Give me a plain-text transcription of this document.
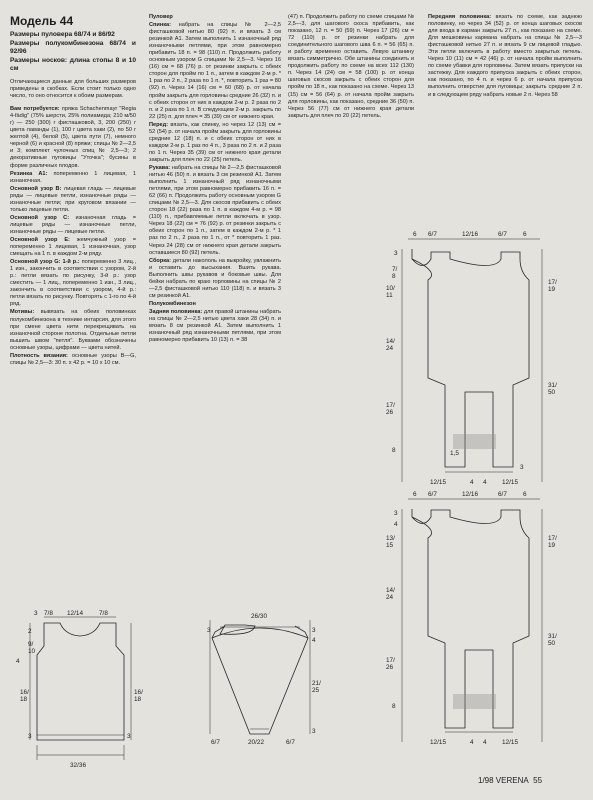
Модель 44

Размеры пуловера 68/74 и 86/92

Размеры полукомбинезона 68/74 и 92/96

Размеры носков: длина стопы 8 и 10 см

Отличающиеся данные для больших размеров приведены в скобках. Если стоит только одно число, то оно относится к обоим размерам.

Вам потребуется: пряжа Schachenmayr "Regia 4-fädig" (75% шерсти, 25% полиамида; 210 м/50 г) — 250 (300) г фисташковой, 3, 200 (250) г цвета лаванды (1), 100 г цвета хаки (2), по 50 г желтой (4), белой (5), цвета пути (7), немного черной (6) и красной (8) пряжи; спицы № 2—2,5 и 3; комплект чулочных спиц № 2,5—3; 2 декоративные пуговицы "Уточка"; бусины в форме различных плодов.

Резинка А1: попеременно 1 лицевая, 1 изнаночная.

Основной узор В: лицевая гладь — лицевые ряды — лицевые петли, изнаночные ряды — изнаночные петли; при круговом вязании — только лицевые петли.

Основной узор С: изнаночная гладь = лицевые ряды — изнаночные петли, изнаночные ряды — лицевые петли.

Основной узор Е: жемчужный узор = попеременно 1 лицевая, 1 изнаночная, узор смещать на 1 п. в каждом 2-м ряду.

Основной узор G: 1-й р.: попеременно 3 лиц., 1 изн., закончить в соответствии с узором, 2-й р.: петли вязать по рисунку, 3-й р.: узор сместить — 1 лиц., попеременно 1 изн., 3 лиц., закончить в соответствии с узором, 4-й р.: петли вязать по рисунку. Повторять с 1-го по 4-й ряд.

Мотивы: вывязать на обеих половинках полукомбинезона в технике интарсия, для этого при смене цвета нити перекрещивать на изнаночной стороне полотна. Отдельные петли вышить швом "петля". Буквами обозначены основные узоры, цифрами — цвета нитей.

Плотность вязания: основные узоры В—G, спицы № 2,5—3: 30 п. х 42 р. = 10 х 10 см.

Пуловер

Спинка: набрать на спицы № 2—2,5 фисташковой нитью 80 (92) п. и вязать 3 см резинкой А1. Затем выполнить 1 изнаночный ряд изнаночными петлями, при этом равномерно прибавить 18 п. = 98 (110) п. Продолжить работу основным узором G спицами № 2,5—3. Через 16 (16) см = 68 (76) р. от резинки закрыть с обеих сторон для пройм по 1 п., затем в каждом 2-м р. * 1 раз по 2 п., 2 раза по 1 п. *, повторить 1 раз = 80 (92) п. Через 14 (16) см = 60 (68) р. от начала пройм закрыть для горловины средние 26 (32) п. и с обеих сторон от них в каждом 2-м р. 2 раза по 2 п. и 2 раза по 1 п. В следующем 2-м р. закрыть по 22 (25) п. для плеч = 35 (39) см от нижнего края.

Перед: вязать, как спинку, но через 12 (13) см = 52 (54) р. от начала пройм закрыть для горловины средние 12 (18) п. и с обеих сторон от них в каждом 2-м р. 1 раз по 4 п., 3 раза по 2 п. и 2 раза по 1 п. Через 35 (39) см от нижнего края детали закрыть для плеч по 22 (25) петель.

Рукава: набрать на спицы № 2—2,5 фисташковой нитью 46 (50) п. и вязать 3 см резинкой А1. Затем выполнить 1 изнаночный ряд изнаночными петлями, при этом равномерно прибавить 16 п. = 62 (66) п. Продолжить работу основным узором G спицами № 2,5—3. Для скосов прибавить с обеих сторон 18 (22) раза по 1 п. в каждом 4-м р. = 98 (110) п., прибавляемые петли включать в узор. Через 18 (22) см = 76 (92) р. от резинки закрыть с обеих сторон по 1 п., затем в каждом 2-м р. * 1 раз по 2 п., 2 раза по 1 п., от * повторить 1 раз. Через 24 (28) см от нижнего края детали закрыть оставшиеся 80 (92) петель.

Сборка: детали накололь на выкройку, увлажнить и оставить до высыхания. Вшить рукава. Выполнить швы рукавов и боковые швы. Для бейки набрать по краю горловины на спицы № 2—2,5 фисташковой нитью 110 (118) п. и вязать 3 см резинкой А1.

Полукомбинезон

Задняя половинка: для правой штанины набрать на спицы № 2—2,5 нитью цвета хаки 28 (34) п. и вязать 8 см резинкой А1. Затем выполнить 1 изнаночный ряд изнаночными петлями, при этом равномерно прибавить 10 (13) п. = 38

(47) п. Продолжить работу по схеме спицами № 2,5—3, для шагового скоса прибавить, как показано, 12 п. = 50 (59) п. Через 17 (26) см = 72 (110) р. от резинки набрать для соединительного шагового шва 6 п. = 56 (65) п. и работу временно оставить. Левую штанину вязать симметрично. Обе штанины соединить и продолжить работу по схеме на всех 112 (130) п. Через 14 (24) см = 58 (100) р. от конца шаговых скосов закрыть с обеих сторон для пройм по 18 п., как показано на схеме. Через 13 (15) см = 56 (64) р. от начала пройм закрыть для горловины, как показано, средние 36 (50) п. Через 56 (77) см от нижнего края детали закрыть для плеч по 20 (22) петель.

Передняя половинка: вязать по схеме, как заднюю половинку, но через 34 (52) р. от конца шаговых скосов для входа в карман закрыть 27 п., как показано на схеме. Для мешковины кармана набрать на спицы № 2,5—3 фисташковой нитью 27 п. и вязать 9 см лицевой гладью. Эти петли включить в работу вместо закрытых петель. Через 10 (11) см = 42 (46) р. от начала пройм выполнить по схеме убавки для горловины. Затем вязать припуски на застежку. Для каждого припуска закрыть с обеих сторон, как показано, по 4 п. и через 6 р. от начала припуска выполнить отверстие для пуговицы; закрыть средние 2 п. и в следующем ряду набрать новые 2 п. Через 58

3 7/8 12/14	7/8
2
9/
10
4
16/
18
16/
18
3	3
32/36
3
26/30
3
4
21/
25
3
6/7	20/22	6/7
6 6/7	12/16	6/7	6
3
7/
8
10/
11
17/
19
14/
24
17/
26
31/
50
8
12/15	4 4 12/15
1,5
3
6 6/7	12/16	6/7	6
3
4
13/
15
17/
19
14/
24
31/
50
17/
26
8
12/15	4 4 12/15
1/98 VERENA 55
